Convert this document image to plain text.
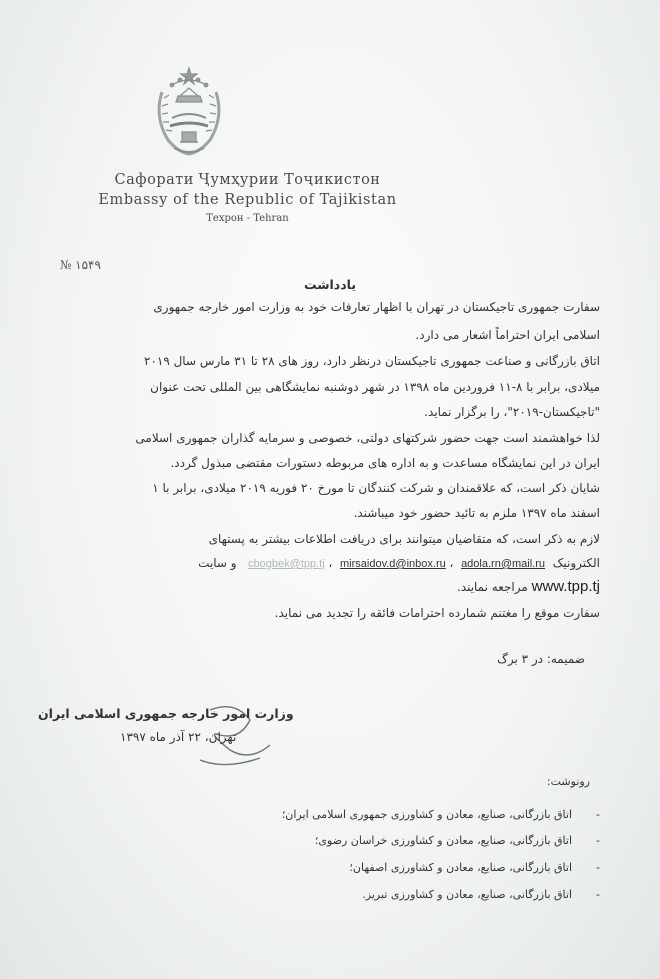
Сафорати Ҷумҳурии Тоҷикистон
Embassy of the Republic of Tajikistan
Техрон - Tehran
№ ۱۵۴۹
یادداشت
سفارت جمهوری تاجیکستان در تهران با اظهار تعارفات خود به وزارت امور خارجه جمهوری
اسلامی ایران احتراماً اشعار می دارد.
اتاق بازرگانی و صناعت جمهوری تاجیکستان درنظر دارد، روز های ۲۸ تا ۳۱ مارس سال ۲۰۱۹
میلادی، برابر با ۸-۱۱ فروردین ماه ۱۳۹۸ در شهر دوشنبه نمایشگاهی بین المللی تحت عنوان
"تاجیکستان-۲۰۱۹"، را برگزار نماید.
لذا خواهشمند است جهت حضور شرکتهای دولتی، خصوصی و سرمایه گذاران جمهوری اسلامی
ایران در این نمایشگاه مساعدت و به اداره های مربوطه دستورات مقتضی مبذول گردد.
شایان ذکر است، که علاقمندان و شرکت کنندگان تا مورخ ۲۰ فوریه ۲۰۱۹ میلادی، برابر با ۱
اسفند ماه ۱۳۹۷ ملزم به تائید حضور خود میباشند.
لازم به ذکر است، که متقاضیان میتوانند برای دریافت اطلاعات بیشتر به پستهای
الکترونیک  adola.rn@mail.ru  ، mirsaidov.d@inbox.ru  ، cbogbek@tpp.tj   و سایت
www.tpp.tj مراجعه نمایند.
سفارت موقع را مغتنم شمارده احترامات فائقه را تجدید می نماید.
ضمیمه: در ۳ برگ
وزارت امور خارجه جمهوری اسلامی ایران
تهران، ۲۲ آذر ماه ۱۳۹۷
رونوشت:
-اتاق بازرگانی، صنایع، معادن و کشاورزی جمهوری اسلامی ایران؛
-اتاق بازرگانی، صنایع، معادن و کشاورزی خراسان رضوی؛
-اتاق بازرگانی، صنایع، معادن و کشاورزی اصفهان؛
-اتاق بازرگانی، صنایع، معادن و کشاورزی تبریز.
